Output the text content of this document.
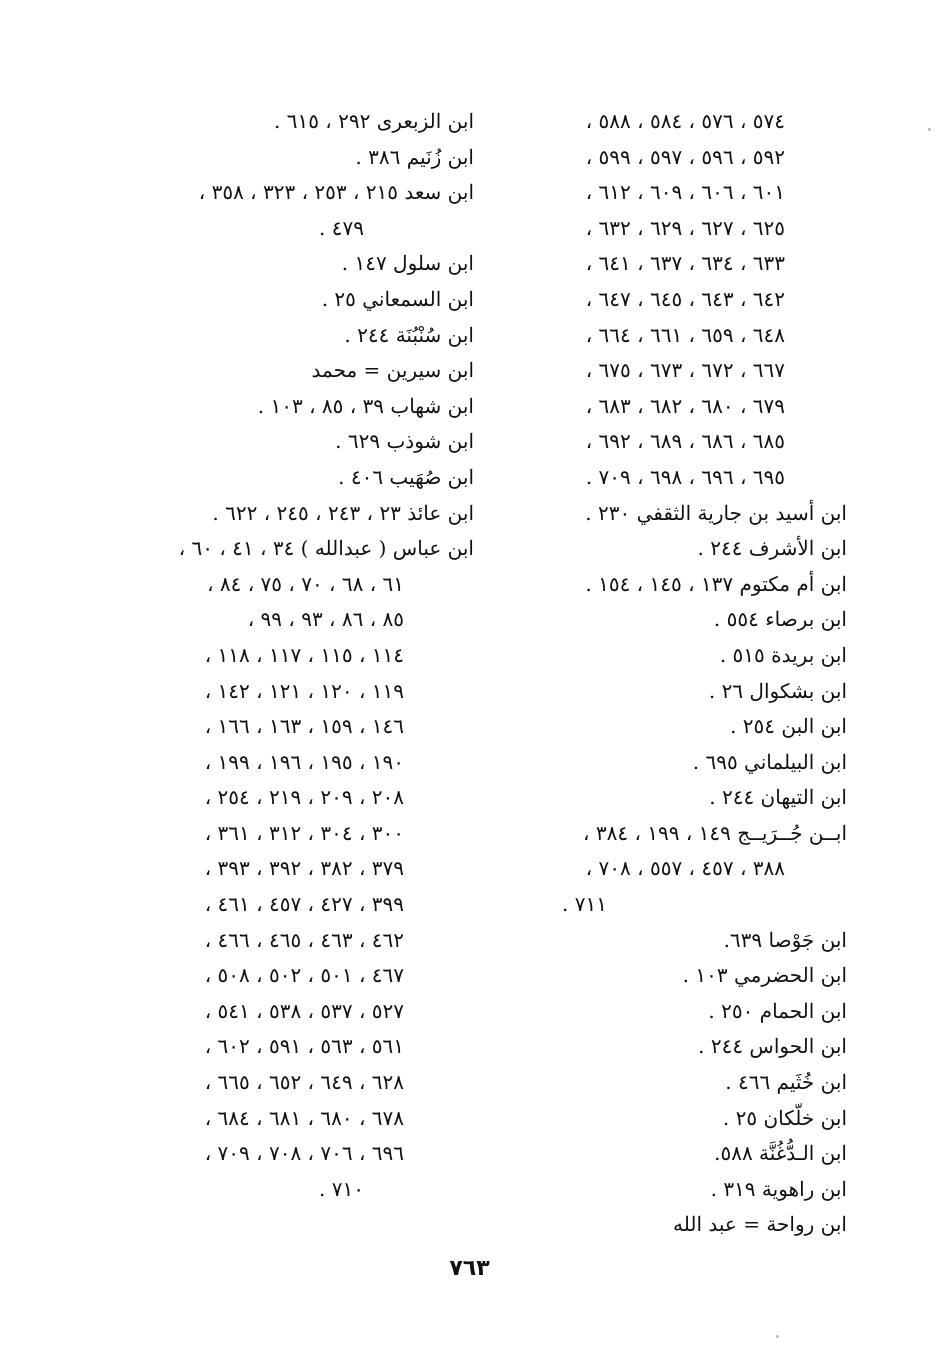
٥٧٤ ، ٥٧٦ ، ٥٨٤ ، ٥٨٨ ،
٥٩٢ ، ٥٩٦ ، ٥٩٧ ، ٥٩٩ ،
٦٠١ ، ٦٠٦ ، ٦٠٩ ، ٦١٢ ،
٦٢٥ ، ٦٢٧ ، ٦٢٩ ، ٦٣٢ ،
٦٣٣ ، ٦٣٤ ، ٦٣٧ ، ٦٤١ ،
٦٤٢ ، ٦٤٣ ، ٦٤٥ ، ٦٤٧ ،
٦٤٨ ، ٦٥٩ ، ٦٦١ ، ٦٦٤ ،
٦٦٧ ، ٦٧٢ ، ٦٧٣ ، ٦٧٥ ،
٦٧٩ ، ٦٨٠ ، ٦٨٢ ، ٦٨٣ ،
٦٨٥ ، ٦٨٦ ، ٦٨٩ ، ٦٩٢ ،
٦٩٥ ، ٦٩٦ ، ٦٩٨ ، ٧٠٩ .
ابن أسيد بن جارية الثقفي ٢٣٠ .
ابن الأشرف ٢٤٤ .
ابن أم مكتوم ١٣٧ ، ١٤٥ ، ١٥٤ .
ابن برصاء ٥٥٤ .
ابن بريدة ٥١٥ .
ابن بشكوال ٢٦ .
ابن البن ٢٥٤ .
ابن البيلماني ٦٩٥ .
ابن التيهان ٢٤٤ .
ابــن جُــرَيــج ١٤٩ ، ١٩٩ ، ٣٨٤ ،
٣٨٨ ، ٤٥٧ ، ٥٥٧ ، ٧٠٨ ،
٧١١ .
ابن جَوْصا ٦٣٩.
ابن الحضرمي ١٠٣ .
ابن الحمام ٢٥٠ .
ابن الحواس ٢٤٤ .
ابن خُثَيم ٤٦٦ .
ابن خلّكان ٢٥ .
ابن الـدُّغُنَّة ٥٨٨.
ابن راهوية ٣١٩ .
ابن رواحة = عبد الله
ابن الزبعرى ٢٩٢ ، ٦١٥ .
ابن زُنَيم ٣٨٦ .
ابن سعد ٢١٥ ، ٢٥٣ ، ٣٢٣ ، ٣٥٨ ،
٤٧٩ .
ابن سلول ١٤٧ .
ابن السمعاني ٢٥ .
ابن سُنْبُنَة ٢٤٤ .
ابن سيرين = محمد
ابن شهاب ٣٩ ، ٨٥ ، ١٠٣ .
ابن شوذب ٦٢٩ .
ابن صُهَيب ٤٠٦ .
ابن عائذ ٢٣ ، ٢٤٣ ، ٢٤٥ ، ٦٢٢ .
ابن عباس ( عبدالله ) ٣٤ ، ٤١ ، ٦٠ ،
٦١ ، ٦٨ ، ٧٠ ، ٧٥ ، ٨٤ ،
٨٥ ، ٨٦ ، ٩٣ ، ٩٩ ،
١١٤ ، ١١٥ ، ١١٧ ، ١١٨ ،
١١٩ ، ١٢٠ ، ١٢١ ، ١٤٢ ،
١٤٦ ، ١٥٩ ، ١٦٣ ، ١٦٦ ،
١٩٠ ، ١٩٥ ، ١٩٦ ، ١٩٩ ،
٢٠٨ ، ٢٠٩ ، ٢١٩ ، ٢٥٤ ،
٣٠٠ ، ٣٠٤ ، ٣١٢ ، ٣٦١ ،
٣٧٩ ، ٣٨٢ ، ٣٩٢ ، ٣٩٣ ،
٣٩٩ ، ٤٢٧ ، ٤٥٧ ، ٤٦١ ،
٤٦٢ ، ٤٦٣ ، ٤٦٥ ، ٤٦٦ ،
٤٦٧ ، ٥٠١ ، ٥٠٢ ، ٥٠٨ ،
٥٢٧ ، ٥٣٧ ، ٥٣٨ ، ٥٤١ ،
٥٦١ ، ٥٦٣ ، ٥٩١ ، ٦٠٢ ،
٦٢٨ ، ٦٤٩ ، ٦٥٢ ، ٦٦٥ ،
٦٧٨ ، ٦٨٠ ، ٦٨١ ، ٦٨٤ ،
٦٩٦ ، ٧٠٦ ، ٧٠٨ ، ٧٠٩ ،
٧١٠ .
٧٦٣
